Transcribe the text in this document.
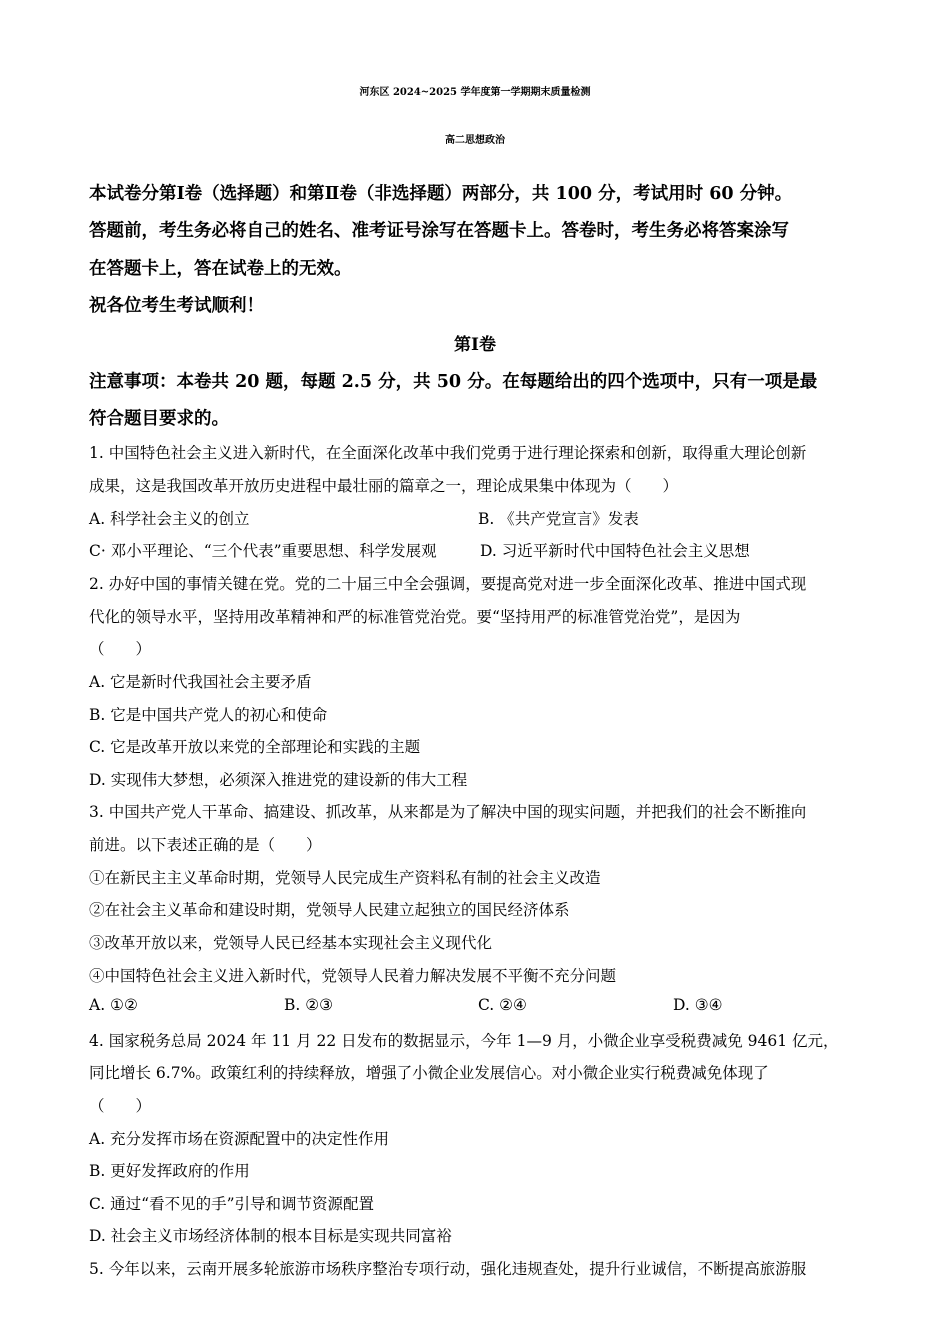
河东区 2024~2025 学年度第一学期期末质量检测
高二思想政治
本试卷分第Ⅰ卷（选择题）和第Ⅱ卷（非选择题）两部分，共 100 分，考试用时 60 分钟。
答题前，考生务必将自己的姓名、准考证号涂写在答题卡上。答卷时，考生务必将答案涂写
在答题卡上，答在试卷上的无效。
祝各位考生考试顺利！
第Ⅰ卷
注意事项：本卷共 20 题，每题 2.5 分，共 50 分。在每题给出的四个选项中，只有一项是最
符合题目要求的。
1. 中国特色社会主义进入新时代，在全面深化改革中我们党勇于进行理论探索和创新，取得重大理论创新
成果，这是我国改革开放历史进程中最壮丽的篇章之一，理论成果集中体现为（　　）
A. 科学社会主义的创立	B. 《共产党宣言》发表
C· 邓小平理论、“三个代表”重要思想、科学发展观	D. 习近平新时代中国特色社会主义思想
2. 办好中国的事情关键在党。党的二十届三中全会强调，要提高党对进一步全面深化改革、推进中国式现
代化的领导水平，坚持用改革精神和严的标准管党治党。要“坚持用严的标准管党治党”，是因为
（　　）
A. 它是新时代我国社会主要矛盾
B. 它是中国共产党人的初心和使命
C. 它是改革开放以来党的全部理论和实践的主题
D. 实现伟大梦想，必须深入推进党的建设新的伟大工程
3. 中国共产党人干革命、搞建设、抓改革，从来都是为了解决中国的现实问题，并把我们的社会不断推向
前进。以下表述正确的是（　　）
①在新民主主义革命时期，党领导人民完成生产资料私有制的社会主义改造
②在社会主义革命和建设时期，党领导人民建立起独立的国民经济体系
③改革开放以来，党领导人民已经基本实现社会主义现代化
④中国特色社会主义进入新时代，党领导人民着力解决发展不平衡不充分问题
A. ①②	B. ②③	C. ②④	D. ③④
4. 国家税务总局 2024 年 11 月 22 日发布的数据显示，今年 1—9 月，小微企业享受税费减免 9461 亿元，
同比增长 6.7%。政策红利的持续释放，增强了小微企业发展信心。对小微企业实行税费减免体现了
（　　）
A. 充分发挥市场在资源配置中的决定性作用
B. 更好发挥政府的作用
C. 通过“看不见的手”引导和调节资源配置
D. 社会主义市场经济体制的根本目标是实现共同富裕
5. 今年以来，云南开展多轮旅游市场秩序整治专项行动，强化违规查处，提升行业诚信，不断提高旅游服
